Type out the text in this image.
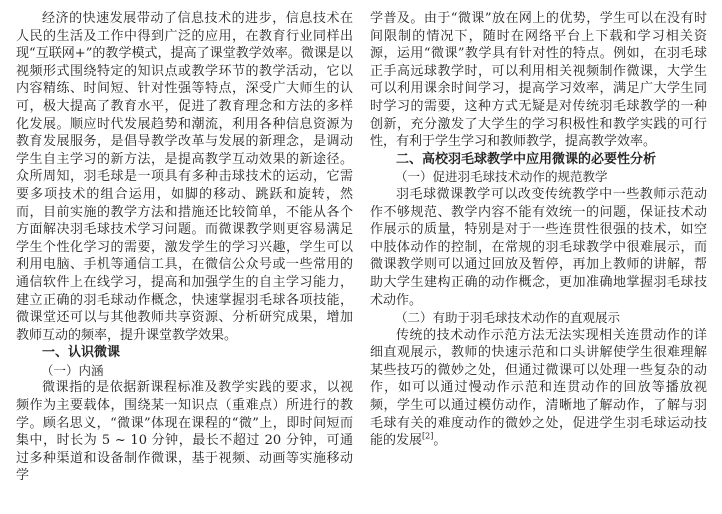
经济的快速发展带动了信息技术的进步，信息技术在人民的生活及工作中得到广泛的应用，在教育行业同样出现“互联网+”的教学模式，提高了课堂教学效率。微课是以视频形式围绕特定的知识点或教学环节的教学活动，它以内容精练、时间短、针对性强等特点，深受广大师生的认可，极大提高了教育水平，促进了教育理念和方法的多样化发展。顺应时代发展趋势和潮流，利用各种信息资源为教育发展服务，是倡导教学改革与发展的新理念，是调动学生自主学习的新方法，是提高教学互动效果的新途径。众所周知，羽毛球是一项具有多种击球技术的运动，它需要多项技术的组合运用，如脚的移动、跳跃和旋转，然而，目前实施的教学方法和措施还比较简单，不能从各个方面解决羽毛球技术学习问题。而微课教学则更容易满足学生个性化学习的需要，激发学生的学习兴趣，学生可以利用电脑、手机等通信工具，在微信公众号或一些常用的通信软件上在线学习，提高和加强学生的自主学习能力，建立正确的羽毛球动作概念，快速掌握羽毛球各项技能，微课堂还可以与其他教师共享资源、分析研究成果，增加教师互动的频率，提升课堂教学效果。

一、认识微课
（一）内涵

微课指的是依据新课程标准及教学实践的要求，以视频作为主要载体，围绕某一知识点（重难点）所进行的教学。顾名思义，“微课”体现在课程的“微”上，即时间短而集中，时长为 5 ~ 10 分钟，最长不超过 20 分钟，可通过多种渠道和设备制作微课，基于视频、动画等实施移动学

学普及。由于“微课”放在网上的优势，学生可以在没有时间限制的情况下，随时在网络平台上下载和学习相关资源，运用“微课”教学具有针对性的特点。例如，在羽毛球正手高远球教学时，可以利用相关视频制作微课，大学生可以利用课余时间学习，提高学习效率，满足广大学生同时学习的需要，这种方式无疑是对传统羽毛球教学的一种创新，充分激发了大学生的学习积极性和教学实践的可行性，有利于学生学习和教师教学，提高教学效率。

二、高校羽毛球教学中应用微课的必要性分析
（一）促进羽毛球技术动作的规范教学

羽毛球微课教学可以改变传统教学中一些教师示范动作不够规范、教学内容不能有效统一的问题，保证技术动作展示的质量，特别是对于一些连贯性很强的技术，如空中肢体动作的控制，在常规的羽毛球教学中很难展示，而微课教学则可以通过回放及暂停，再加上教师的讲解，帮助大学生建构正确的动作概念，更加准确地掌握羽毛球技术动作。

（二）有助于羽毛球技术动作的直观展示

传统的技术动作示范方法无法实现相关连贯动作的详细直观展示，教师的快速示范和口头讲解使学生很难理解某些技巧的微妙之处，但通过微课可以处理一些复杂的动作，如可以通过慢动作示范和连贯动作的回放等播放视频，学生可以通过模仿动作，清晰地了解动作，了解与羽毛球有关的难度动作的微妙之处，促进学生羽毛球运动技能的发展[2]。
